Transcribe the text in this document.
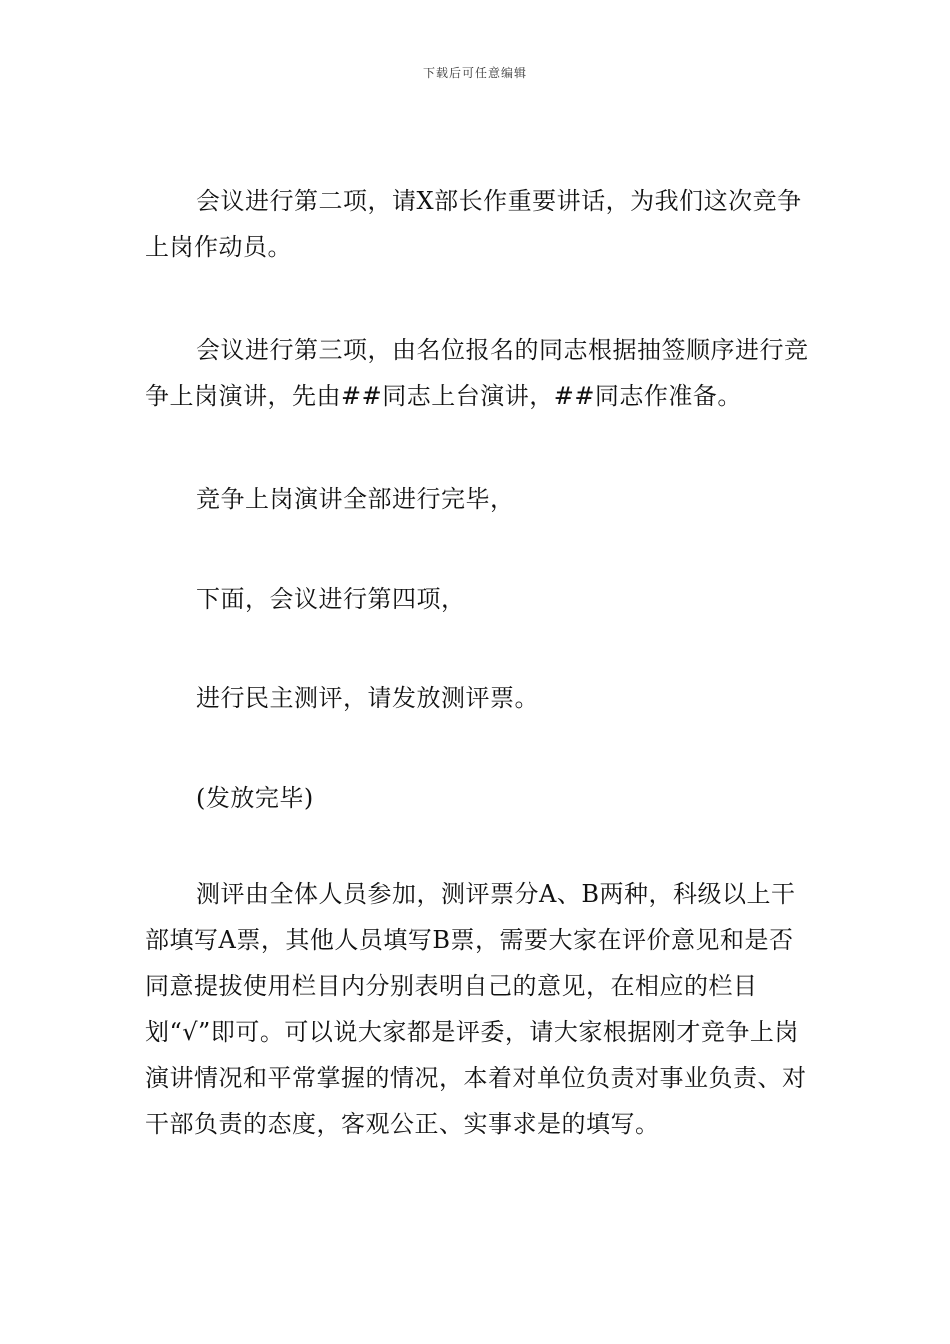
下载后可任意编辑

会议进行第二项，请X部长作重要讲话，为我们这次竞争上岗作动员。

会议进行第三项，由名位报名的同志根据抽签顺序进行竞争上岗演讲，先由##同志上台演讲，##同志作准备。

竞争上岗演讲全部进行完毕，

下面，会议进行第四项，

进行民主测评，请发放测评票。

(发放完毕)

测评由全体人员参加，测评票分A、B两种，科级以上干部填写A票，其他人员填写B票，需要大家在评价意见和是否同意提拔使用栏目内分别表明自己的意见，在相应的栏目划“√”即可。可以说大家都是评委，请大家根据刚才竞争上岗演讲情况和平常掌握的情况，本着对单位负责对事业负责、对干部负责的态度，客观公正、实事求是的填写。
